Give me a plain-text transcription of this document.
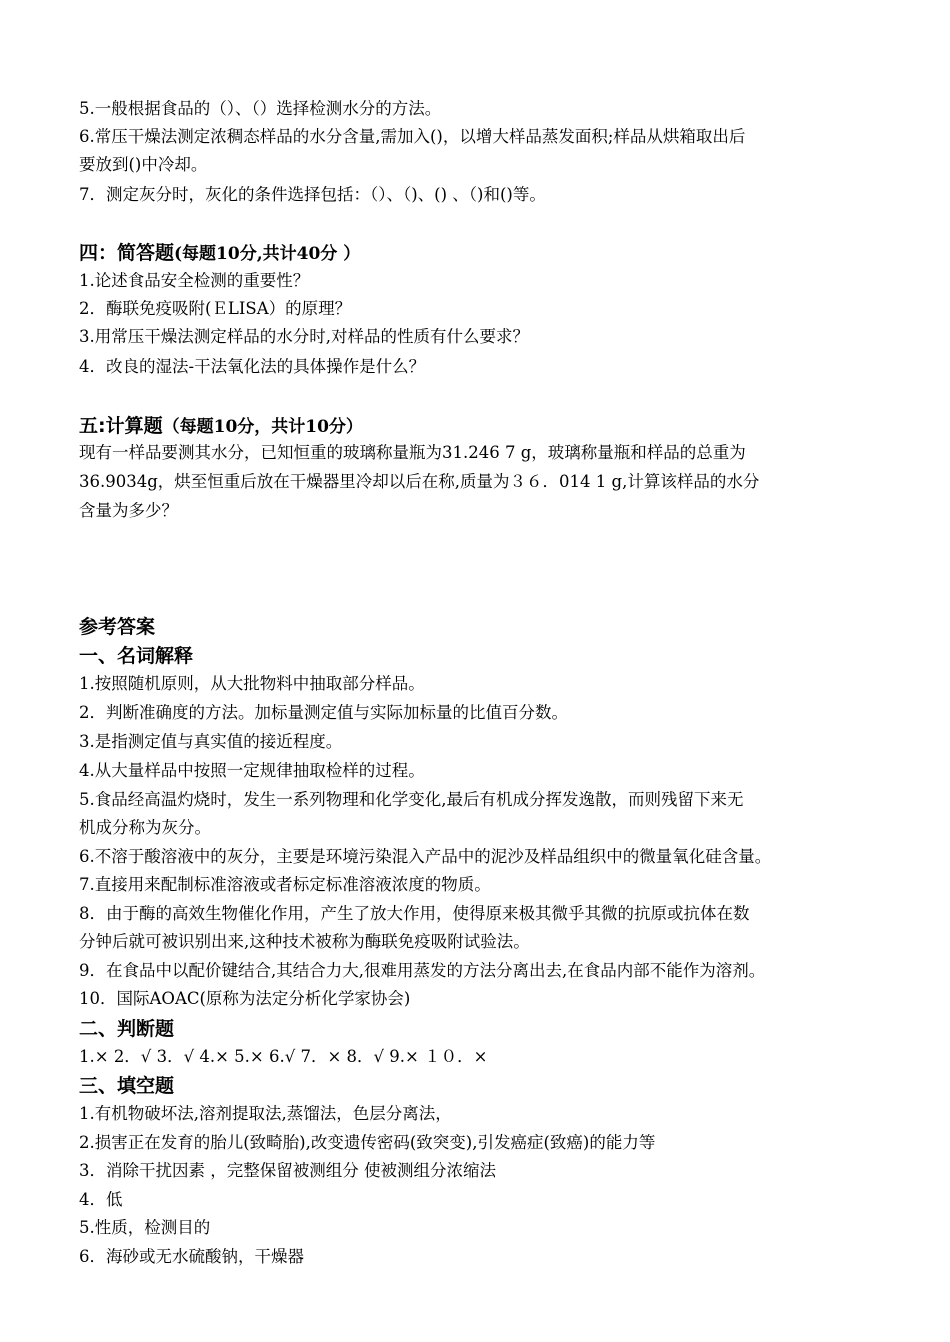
5.一般根据食品的（）、（）选择检测水分的方法。
6.常压干燥法测定浓稠态样品的水分含量,需加入()，以增大样品蒸发面积;样品从烘箱取出后
要放到()中冷却。
7．测定灰分时，灰化的条件选择包括：（）、（)、() 、（)和()等。
四：简答题(每题10分,共计40分 ）
1.论述食品安全检测的重要性？
2．酶联免疫吸附(ＥLISA）的原理？
3.用常压干燥法测定样品的水分时,对样品的性质有什么要求？
4．改良的湿法-干法氧化法的具体操作是什么？
五:计算题（每题10分，共计10分）
现有一样品要测其水分，已知恒重的玻璃称量瓶为31.246 7 g，玻璃称量瓶和样品的总重为
36.9034g，烘至恒重后放在干燥器里冷却以后在称,质量为３６．014 1 g,计算该样品的水分
含量为多少？
参考答案
一、名词解释
1.按照随机原则，从大批物料中抽取部分样品。
2．判断准确度的方法。加标量测定值与实际加标量的比值百分数。
3.是指测定值与真实值的接近程度。
4.从大量样品中按照一定规律抽取检样的过程。
5.食品经高温灼烧时，发生一系列物理和化学变化,最后有机成分挥发逸散，而则残留下来无
机成分称为灰分。
6.不溶于酸溶液中的灰分，主要是环境污染混入产品中的泥沙及样品组织中的微量氧化硅含量。
7.直接用来配制标准溶液或者标定标准溶液浓度的物质。
8．由于酶的高效生物催化作用，产生了放大作用，使得原来极其微乎其微的抗原或抗体在数
分钟后就可被识别出来,这种技术被称为酶联免疫吸附试验法。
9．在食品中以配价键结合,其结合力大,很难用蒸发的方法分离出去,在食品内部不能作为溶剂。
10．国际AOAC(原称为法定分析化学家协会)
二、判断题
1.× 2．√ 3．√ 4.× 5.× 6.√ 7．× 8．√ 9.× １０．×
三、填空题
1.有机物破坏法,溶剂提取法,蒸馏法，色层分离法，
2.损害正在发育的胎儿(致畸胎),改变遗传密码(致突变),引发癌症(致癌)的能力等
3．消除干扰因素 ，完整保留被测组分 使被测组分浓缩法
4．低
5.性质，检测目的
6．海砂或无水硫酸钠，干燥器
